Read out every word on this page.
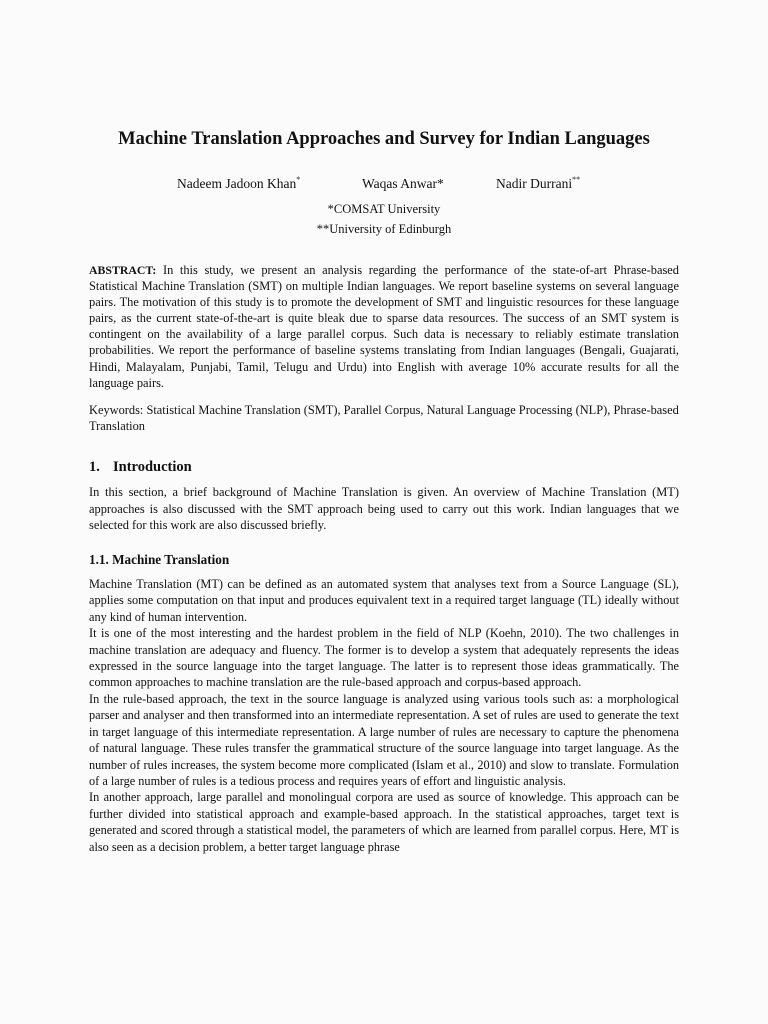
Machine Translation Approaches and Survey for Indian Languages
Nadeem Jadoon Khan*	Waqas Anwar*	Nadir Durrani**
*COMSAT University
**University of Edinburgh
ABSTRACT: In this study, we present an analysis regarding the performance of the state-of-art Phrase-based Statistical Machine Translation (SMT) on multiple Indian languages. We report baseline systems on several language pairs. The motivation of this study is to promote the development of SMT and linguistic resources for these language pairs, as the current state-of-the-art is quite bleak due to sparse data resources. The success of an SMT system is contingent on the availability of a large parallel corpus. Such data is necessary to reliably estimate translation probabilities. We report the performance of baseline systems translating from Indian languages (Bengali, Guajarati, Hindi, Malayalam, Punjabi, Tamil, Telugu and Urdu) into English with average 10% accurate results for all the language pairs.
Keywords: Statistical Machine Translation (SMT), Parallel Corpus, Natural Language Processing (NLP), Phrase-based Translation
1. Introduction
In this section, a brief background of Machine Translation is given. An overview of Machine Translation (MT) approaches is also discussed with the SMT approach being used to carry out this work. Indian languages that we selected for this work are also discussed briefly.
1.1. Machine Translation

Machine Translation (MT) can be defined as an automated system that analyses text from a Source Language (SL), applies some computation on that input and produces equivalent text in a required target language (TL) ideally without any kind of human intervention.

It is one of the most interesting and the hardest problem in the field of NLP (Koehn, 2010). The two challenges in machine translation are adequacy and fluency. The former is to develop a system that adequately represents the ideas expressed in the source language into the target language. The latter is to represent those ideas grammatically. The common approaches to machine translation are the rule-based approach and corpus-based approach.

In the rule-based approach, the text in the source language is analyzed using various tools such as: a morphological parser and analyser and then transformed into an intermediate representation. A set of rules are used to generate the text in target language of this intermediate representation. A large number of rules are necessary to capture the phenomena of natural language. These rules transfer the grammatical structure of the source language into target language. As the number of rules increases, the system become more complicated (Islam et al., 2010) and slow to translate. Formulation of a large number of rules is a tedious process and requires years of effort and linguistic analysis.

In another approach, large parallel and monolingual corpora are used as source of knowledge. This approach can be further divided into statistical approach and example-based approach. In the statistical approaches, target text is generated and scored through a statistical model, the parameters of which are learned from parallel corpus. Here, MT is also seen as a decision problem, a better target language phrase
